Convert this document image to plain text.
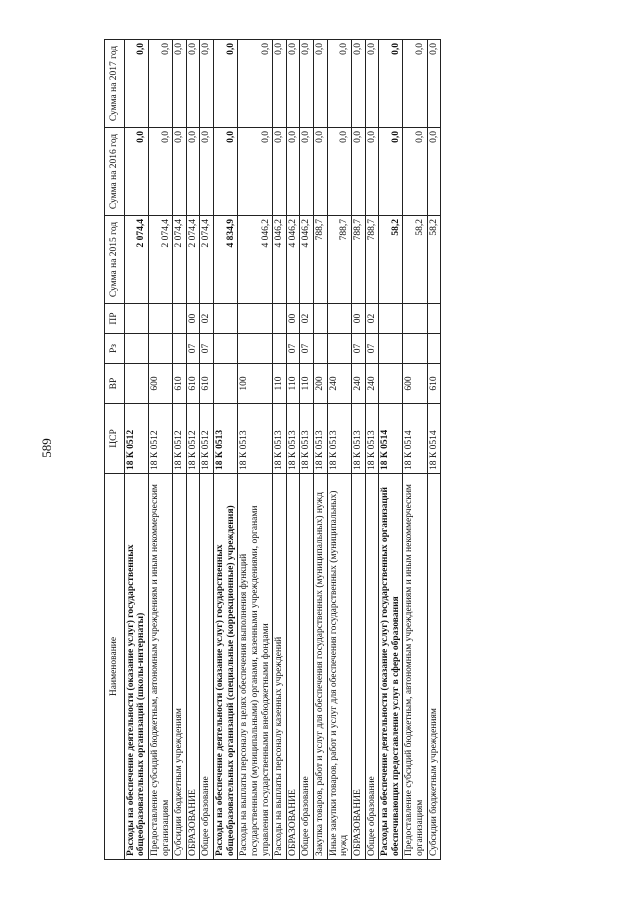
589
Наименование	ЦСР	ВР	Рз	ПР	Сумма на 2015 год	Сумма на 2016 год	Сумма на 2017 год
Расходы на обеспечение деятельности (оказание услуг) государственных общеобразовательных организаций (школы-интернаты)	18 К 0512				2 074,4	0,0	0,0
Предоставление субсидий бюджетным, автономным учреждениям и иным некоммерческим организациям	18 К 0512	600			2 074,4	0,0	0,0
Субсидии бюджетным учреждениям	18 К 0512	610			2 074,4	0,0	0,0
ОБРАЗОВАНИЕ	18 К 0512	610	07	00	2 074,4	0,0	0,0
Общее образование	18 К 0512	610	07	02	2 074,4	0,0	0,0
Расходы на обеспечение деятельности (оказание услуг) государственных общеобразовательных организаций (специальные (коррекционные) учреждения)	18 К 0513				4 834,9	0,0	0,0
Расходы на выплаты персоналу в целях обеспечения выполнения функций государственными (муниципальными) органами, казенными учреждениями, органами управления государственными внебюджетными фондами	18 К 0513	100			4 046,2	0,0	0,0
Расходы на выплаты персоналу казенных учреждений	18 К 0513	110			4 046,2	0,0	0,0
ОБРАЗОВАНИЕ	18 К 0513	110	07	00	4 046,2	0,0	0,0
Общее образование	18 К 0513	110	07	02	4 046,2	0,0	0,0
Закупка товаров, работ и услуг для обеспечения государственных (муниципальных) нужд	18 К 0513	200			788,7	0,0	0,0
Иные закупки товаров, работ и услуг для обеспечения государственных (муниципальных) нужд	18 К 0513	240			788,7	0,0	0,0
ОБРАЗОВАНИЕ	18 К 0513	240	07	00	788,7	0,0	0,0
Общее образование	18 К 0513	240	07	02	788,7	0,0	0,0
Расходы на обеспечение деятельности (оказание услуг) государственных организаций обеспечивающих предоставление услуг в сфере образования	18 К 0514				58,2	0,0	0,0
Предоставление субсидий бюджетным, автономным учреждениям и иным некоммерческим организациям	18 К 0514	600			58,2	0,0	0,0
Субсидии бюджетным учреждениям	18 К 0514	610			58,2	0,0	0,0
